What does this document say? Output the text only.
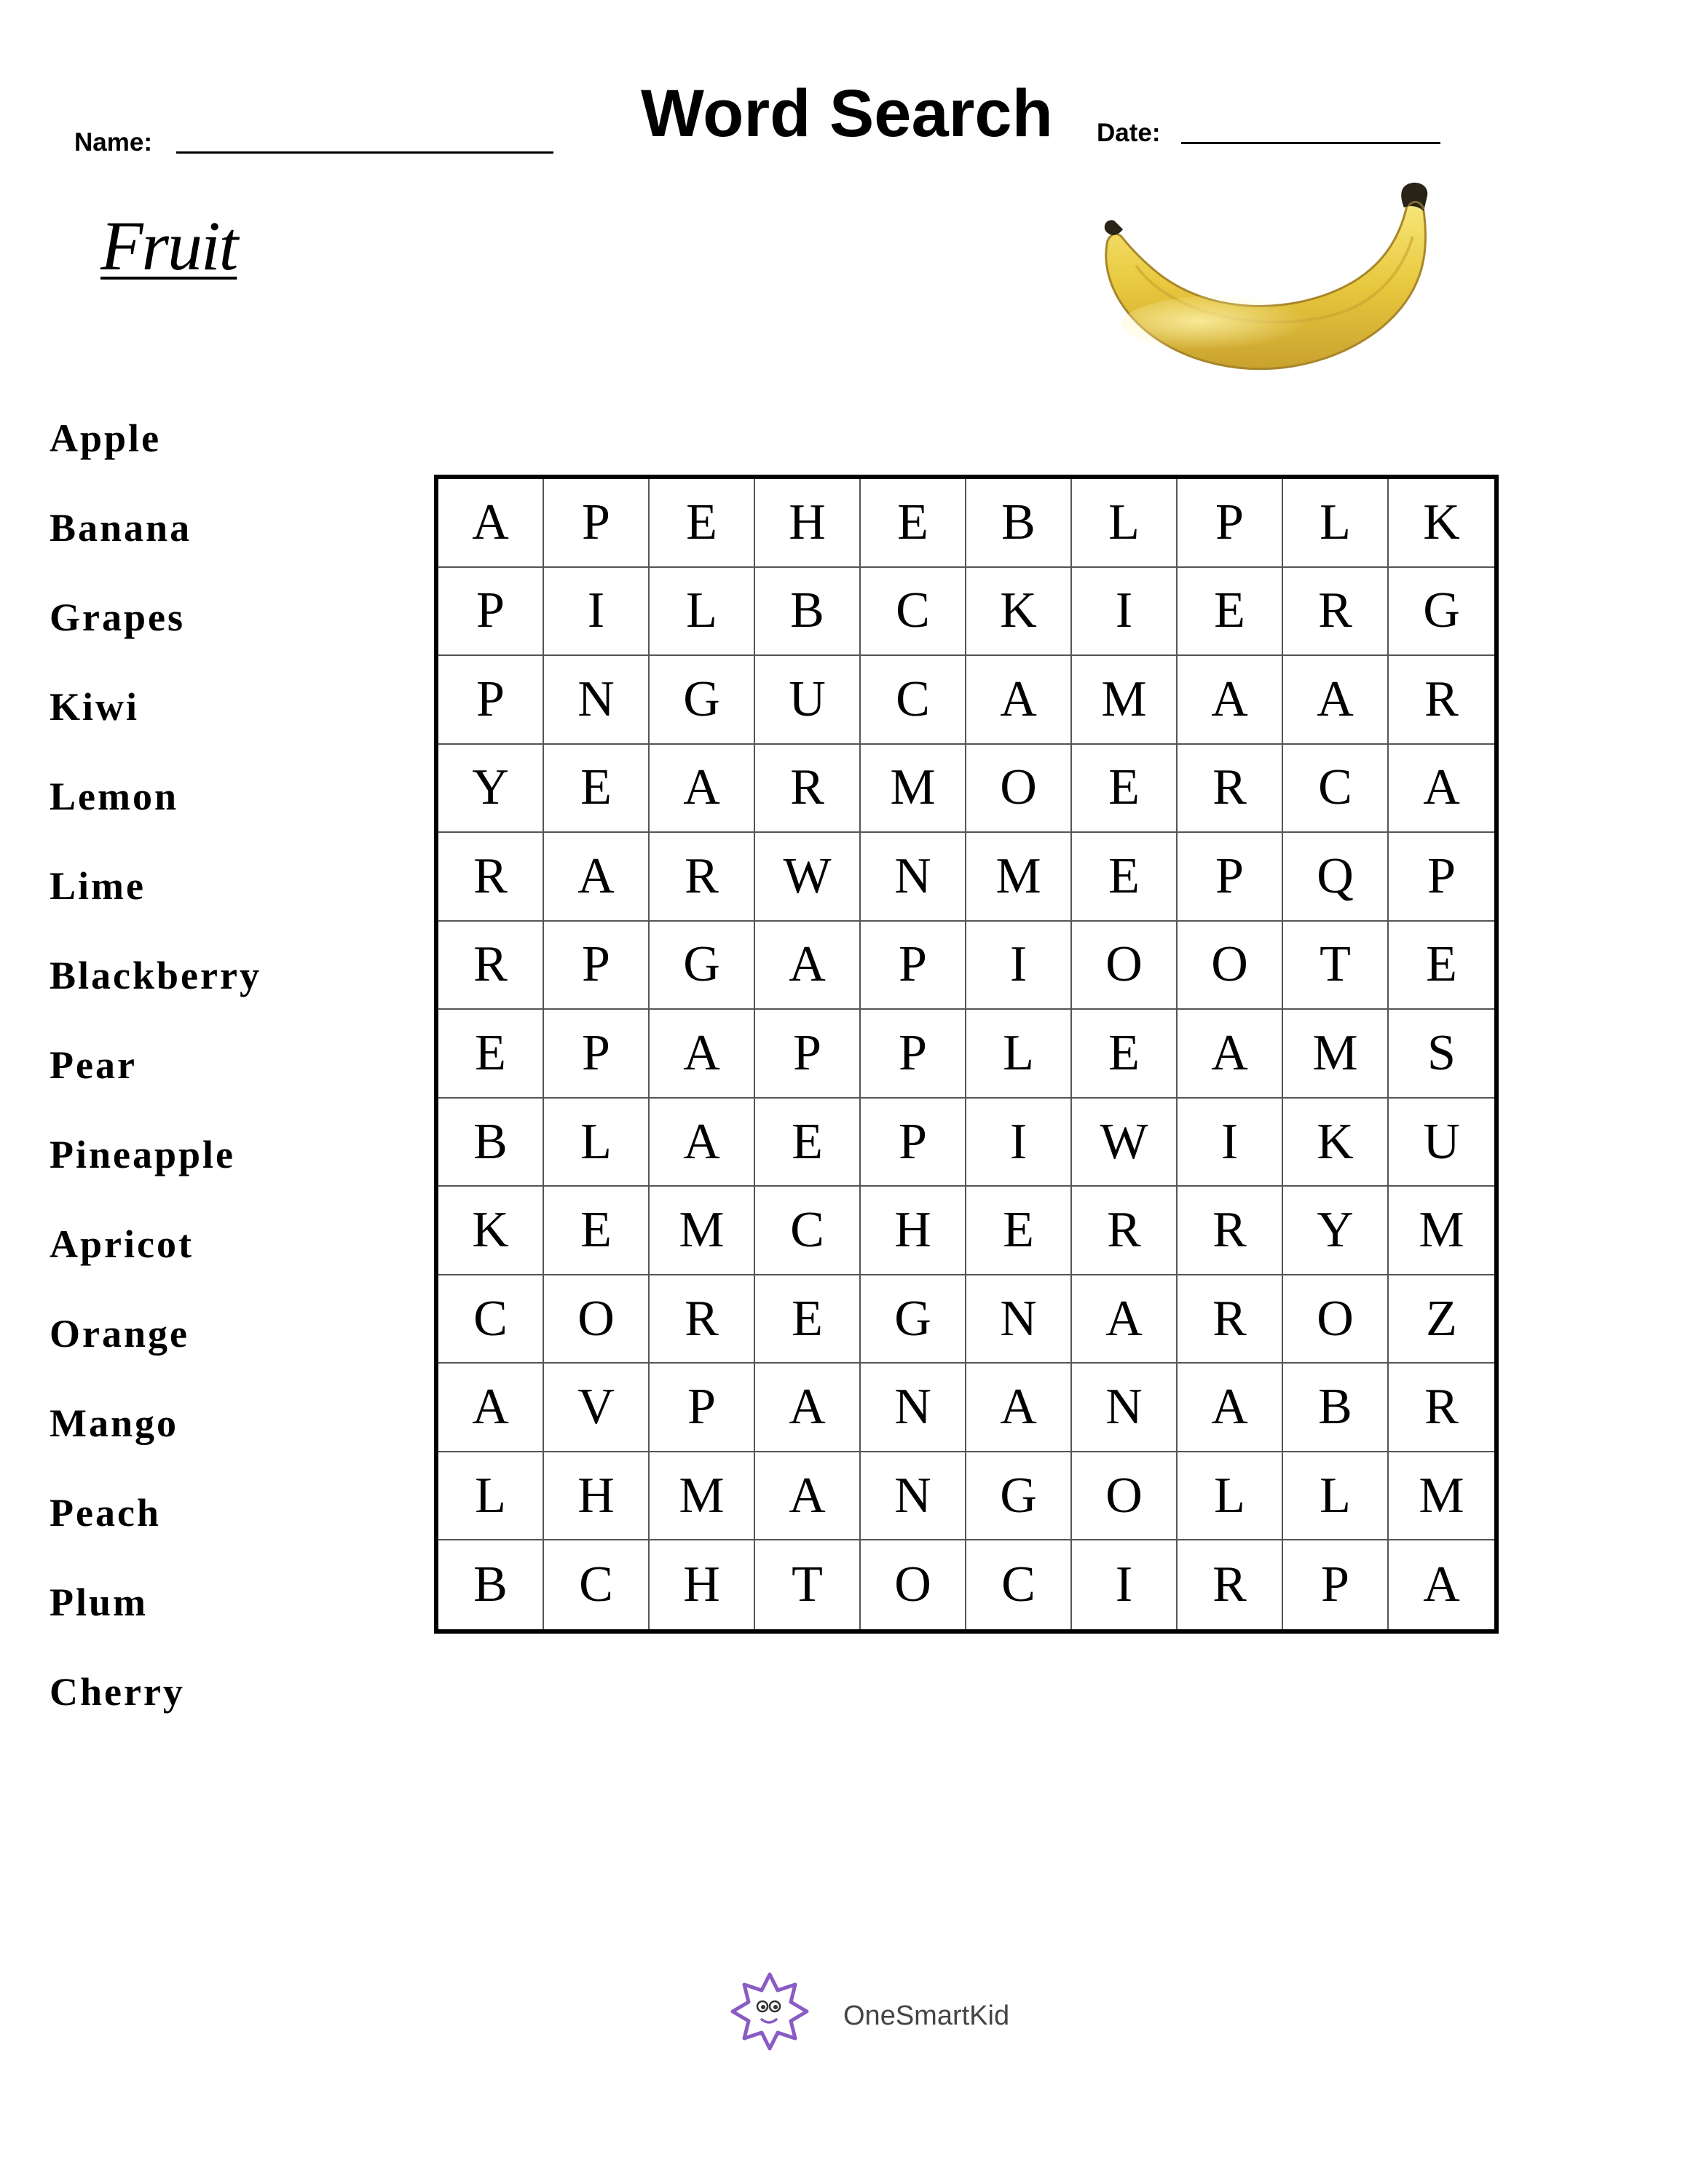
Word Search
Name:	Date:
Fruit
Apple
Banana
Grapes
Kiwi
Lemon
Lime
Blackberry
Pear
Pineapple
Apricot
Orange
Mango
Peach
Plum
Cherry
A	P	E	H	E	B	L	P	L	K
P	I	L	B	C	K	I	E	R	G
P	N	G	U	C	A	M	A	A	R
Y	E	A	R	M	O	E	R	C	A
R	A	R	W	N	M	E	P	Q	P
R	P	G	A	P	I	O	O	T	E
E	P	A	P	P	L	E	A	M	S
B	L	A	E	P	I	W	I	K	U
K	E	M	C	H	E	R	R	Y	M
C	O	R	E	G	N	A	R	O	Z
A	V	P	A	N	A	N	A	B	R
L	H	M	A	N	G	O	L	L	M
B	C	H	T	O	C	I	R	P	A
OneSmartKid
